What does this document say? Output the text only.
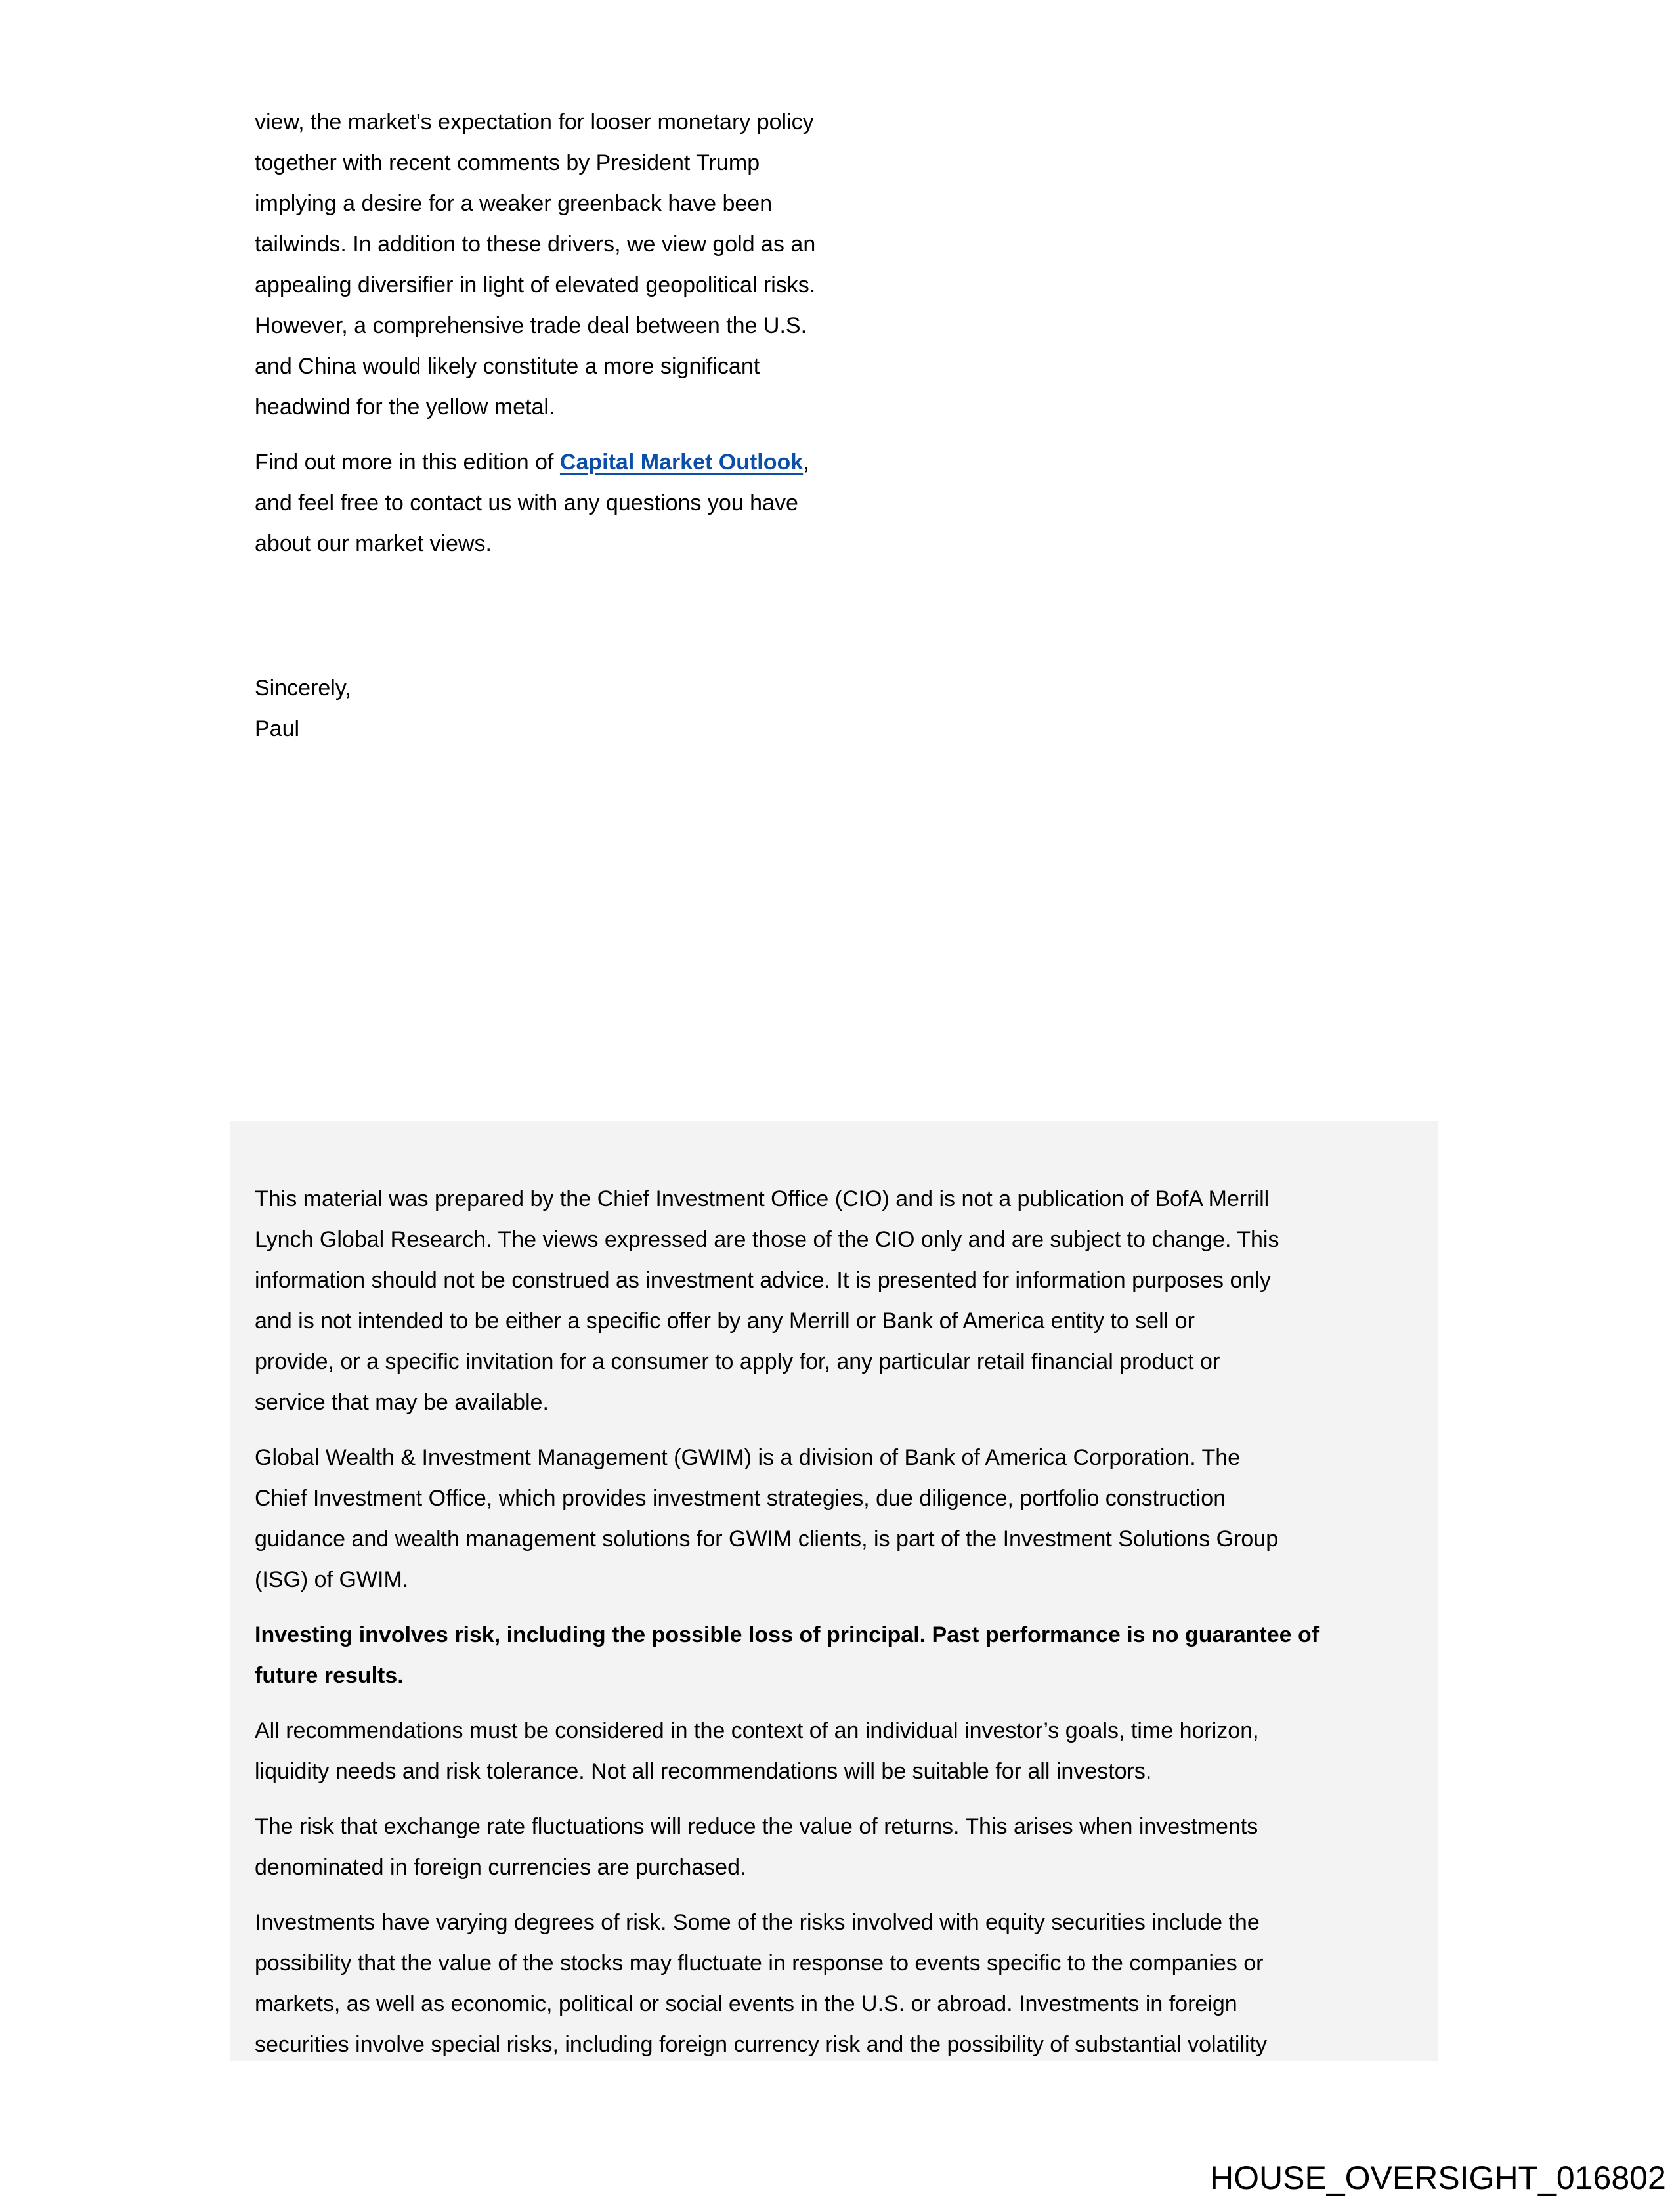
view, the market’s expectation for looser monetary policy
together with recent comments by President Trump
implying a desire for a weaker greenback have been
tailwinds. In addition to these drivers, we view gold as an
appealing diversifier in light of elevated geopolitical risks.
However, a comprehensive trade deal between the U.S.
and China would likely constitute a more significant
headwind for the yellow metal.
Find out more in this edition of Capital Market Outlook,
and feel free to contact us with any questions you have
about our market views.
Sincerely,
Paul
This material was prepared by the Chief Investment Office (CIO) and is not a publication of BofA Merrill
Lynch Global Research. The views expressed are those of the CIO only and are subject to change. This
information should not be construed as investment advice. It is presented for information purposes only
and is not intended to be either a specific offer by any Merrill or Bank of America entity to sell or
provide, or a specific invitation for a consumer to apply for, any particular retail financial product or
service that may be available.
Global Wealth & Investment Management (GWIM) is a division of Bank of America Corporation. The
Chief Investment Office, which provides investment strategies, due diligence, portfolio construction
guidance and wealth management solutions for GWIM clients, is part of the Investment Solutions Group
(ISG) of GWIM.
Investing involves risk, including the possible loss of principal. Past performance is no guarantee of
future results.
All recommendations must be considered in the context of an individual investor’s goals, time horizon,
liquidity needs and risk tolerance. Not all recommendations will be suitable for all investors.
The risk that exchange rate fluctuations will reduce the value of returns. This arises when investments
denominated in foreign currencies are purchased.
Investments have varying degrees of risk. Some of the risks involved with equity securities include the
possibility that the value of the stocks may fluctuate in response to events specific to the companies or
markets, as well as economic, political or social events in the U.S. or abroad. Investments in foreign
securities involve special risks, including foreign currency risk and the possibility of substantial volatility
HOUSE_OVERSIGHT_016802
